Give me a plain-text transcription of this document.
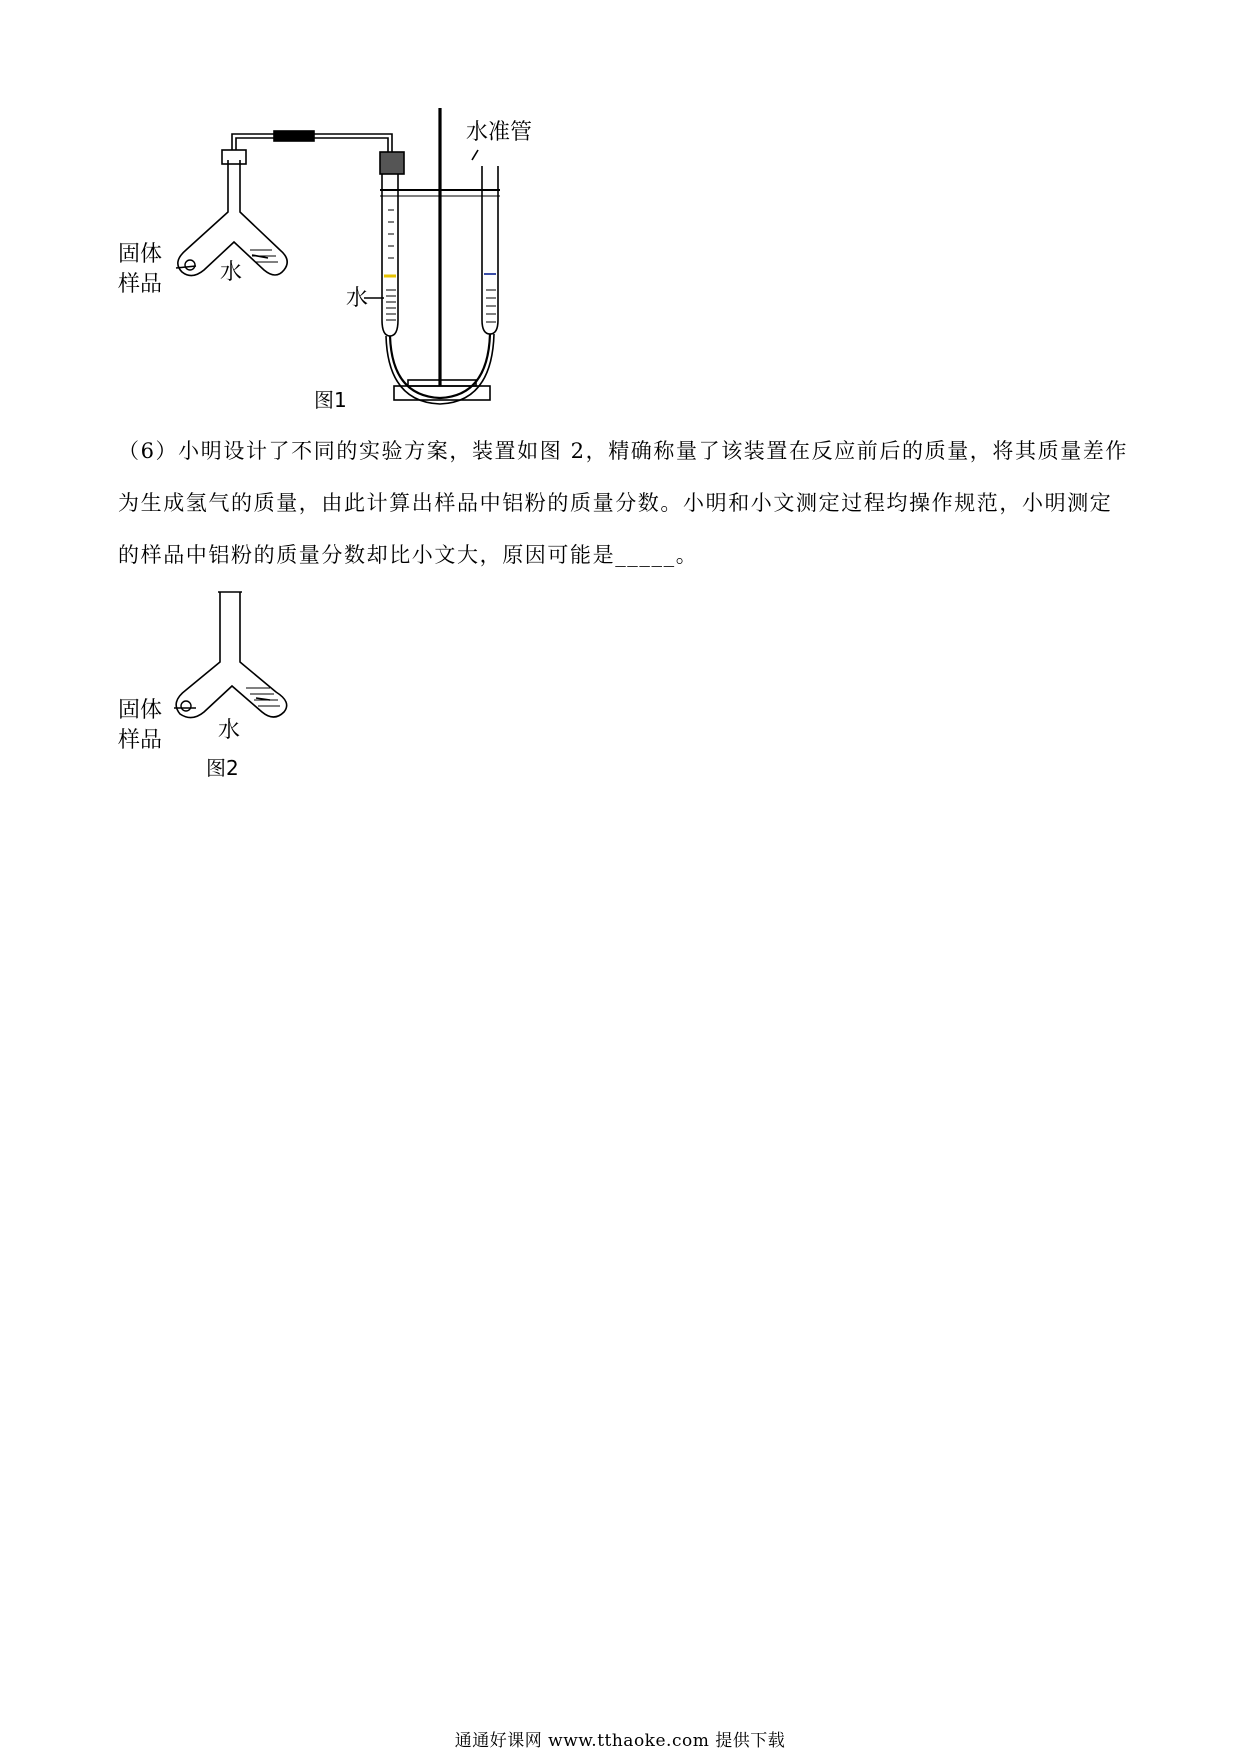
固体
样品	水
水
水准管
图1
（6）小明设计了不同的实验方案，装置如图 2，精确称量了该装置在反应前后的质量，将其质量差作为生成氢气的质量，由此计算出样品中铝粉的质量分数。小明和小文测定过程均操作规范，小明测定的样品中铝粉的质量分数却比小文大，原因可能是_____。
固体
样品	水
图2
通通好课网 www.tthaoke.com 提供下载
